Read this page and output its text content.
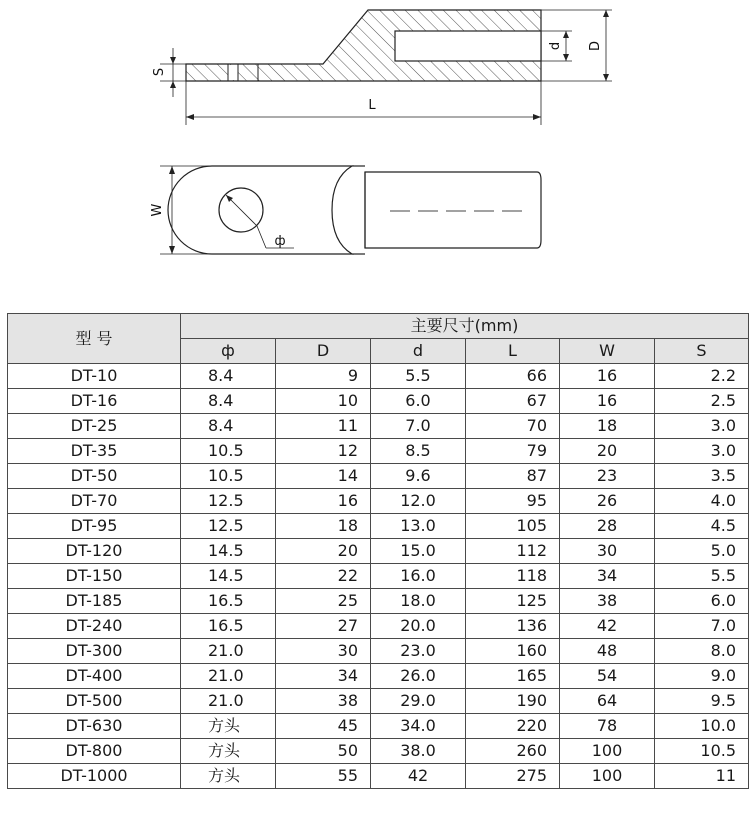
S
L
d D
W
ф
型 号	主要尺寸(mm)					
	ф	D	d	L	W	S
DT-10	8.4	9	5.5	66	16	2.2
DT-16	8.4	10	6.0	67	16	2.5
DT-25	8.4	11	7.0	70	18	3.0
DT-35	10.5	12	8.5	79	20	3.0
DT-50	10.5	14	9.6	87	23	3.5
DT-70	12.5	16	12.0	95	26	4.0
DT-95	12.5	18	13.0	105	28	4.5
DT-120	14.5	20	15.0	112	30	5.0
DT-150	14.5	22	16.0	118	34	5.5
DT-185	16.5	25	18.0	125	38	6.0
DT-240	16.5	27	20.0	136	42	7.0
DT-300	21.0	30	23.0	160	48	8.0
DT-400	21.0	34	26.0	165	54	9.0
DT-500	21.0	38	29.0	190	64	9.5
DT-630	方头	45	34.0	220	78	10.0
DT-800	方头	50	38.0	260	100	10.5
DT-1000	方头	55	42	275	100	11
